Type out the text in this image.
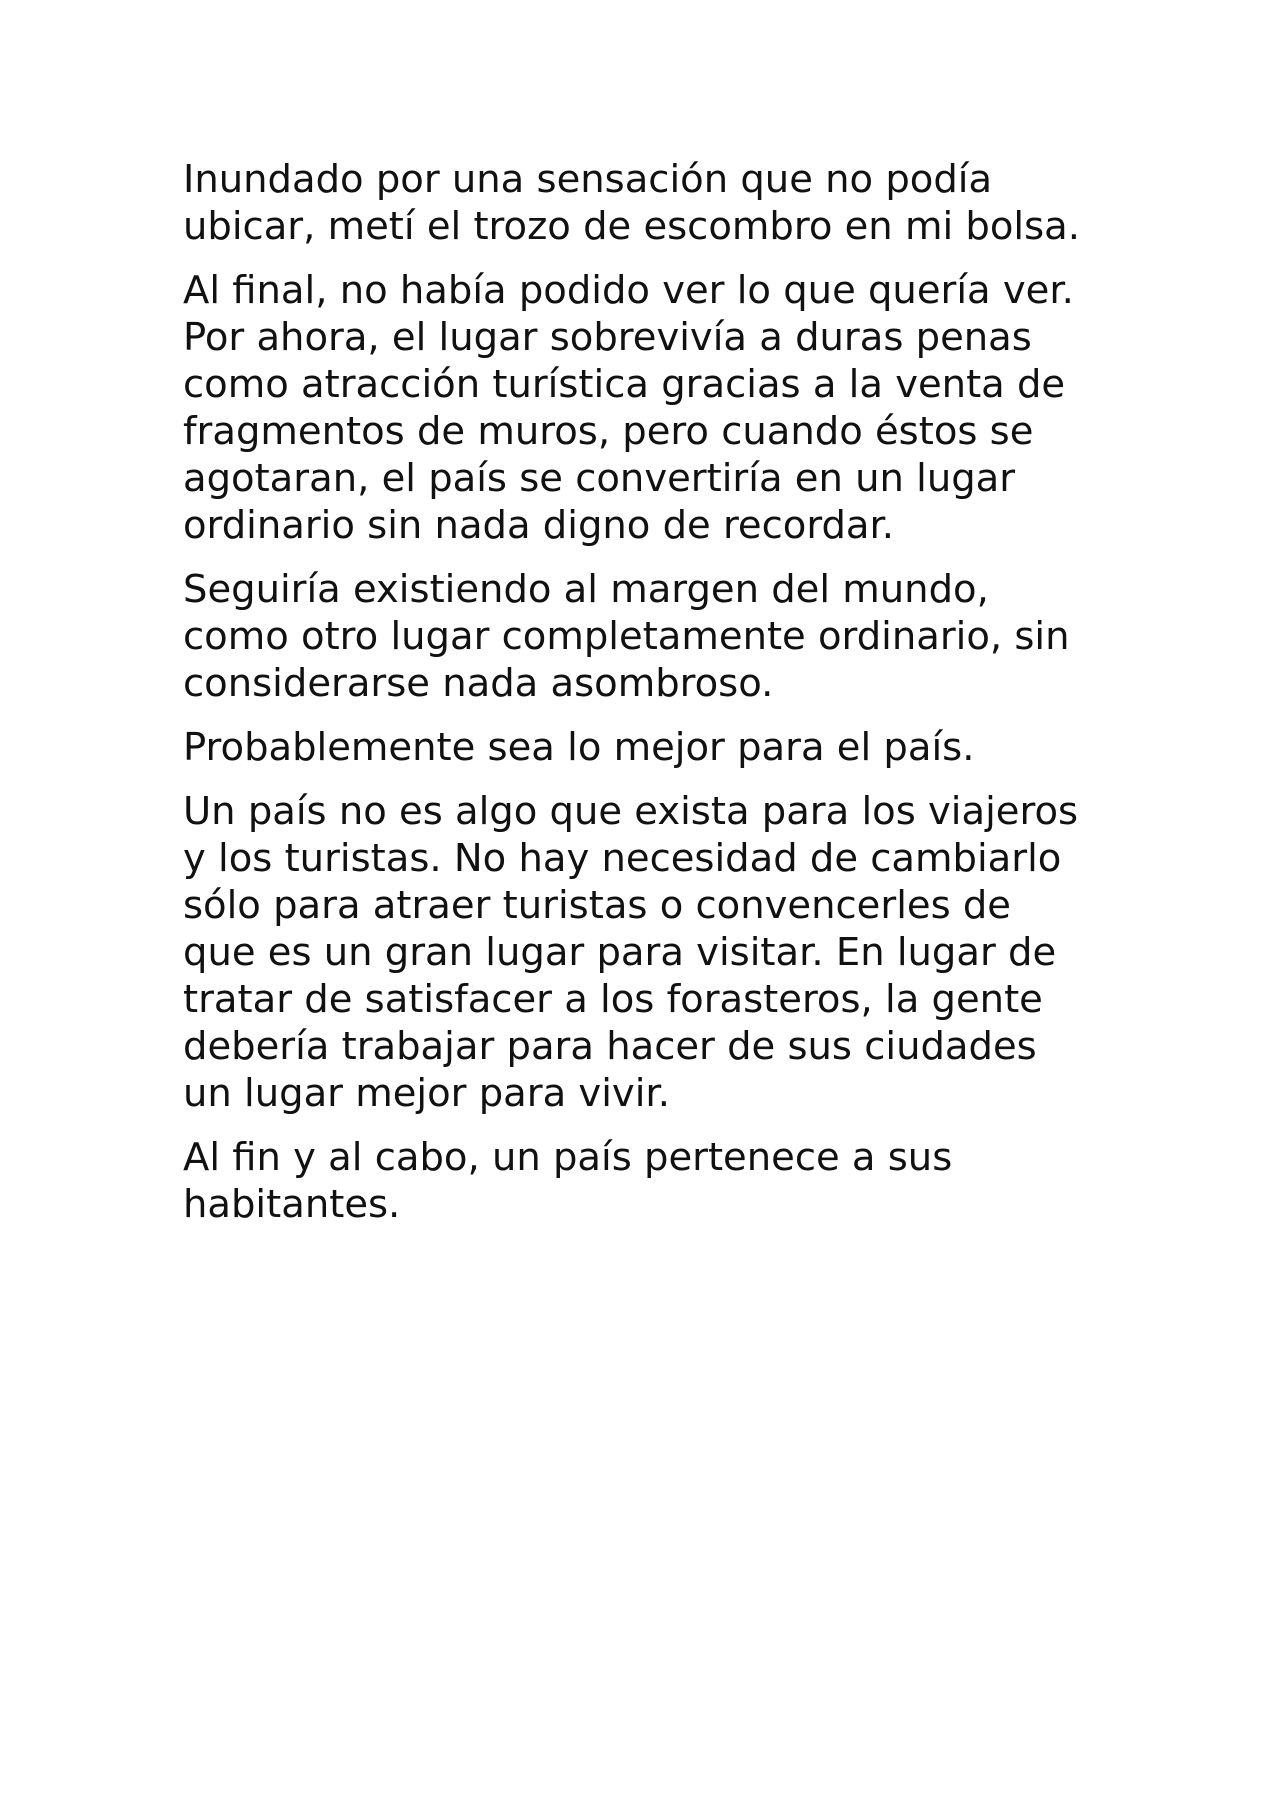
Inundado por una sensación que no podía
ubicar, metí el trozo de escombro en mi bolsa.

Al final, no había podido ver lo que quería ver.
Por ahora, el lugar sobrevivía a duras penas
como atracción turística gracias a la venta de
fragmentos de muros, pero cuando éstos se
agotaran, el país se convertiría en un lugar
ordinario sin nada digno de recordar.

Seguiría existiendo al margen del mundo,
como otro lugar completamente ordinario, sin
considerarse nada asombroso.

Probablemente sea lo mejor para el país.

Un país no es algo que exista para los viajeros
y los turistas. No hay necesidad de cambiarlo
sólo para atraer turistas o convencerles de
que es un gran lugar para visitar. En lugar de
tratar de satisfacer a los forasteros, la gente
debería trabajar para hacer de sus ciudades
un lugar mejor para vivir.

Al fin y al cabo, un país pertenece a sus
habitantes.
